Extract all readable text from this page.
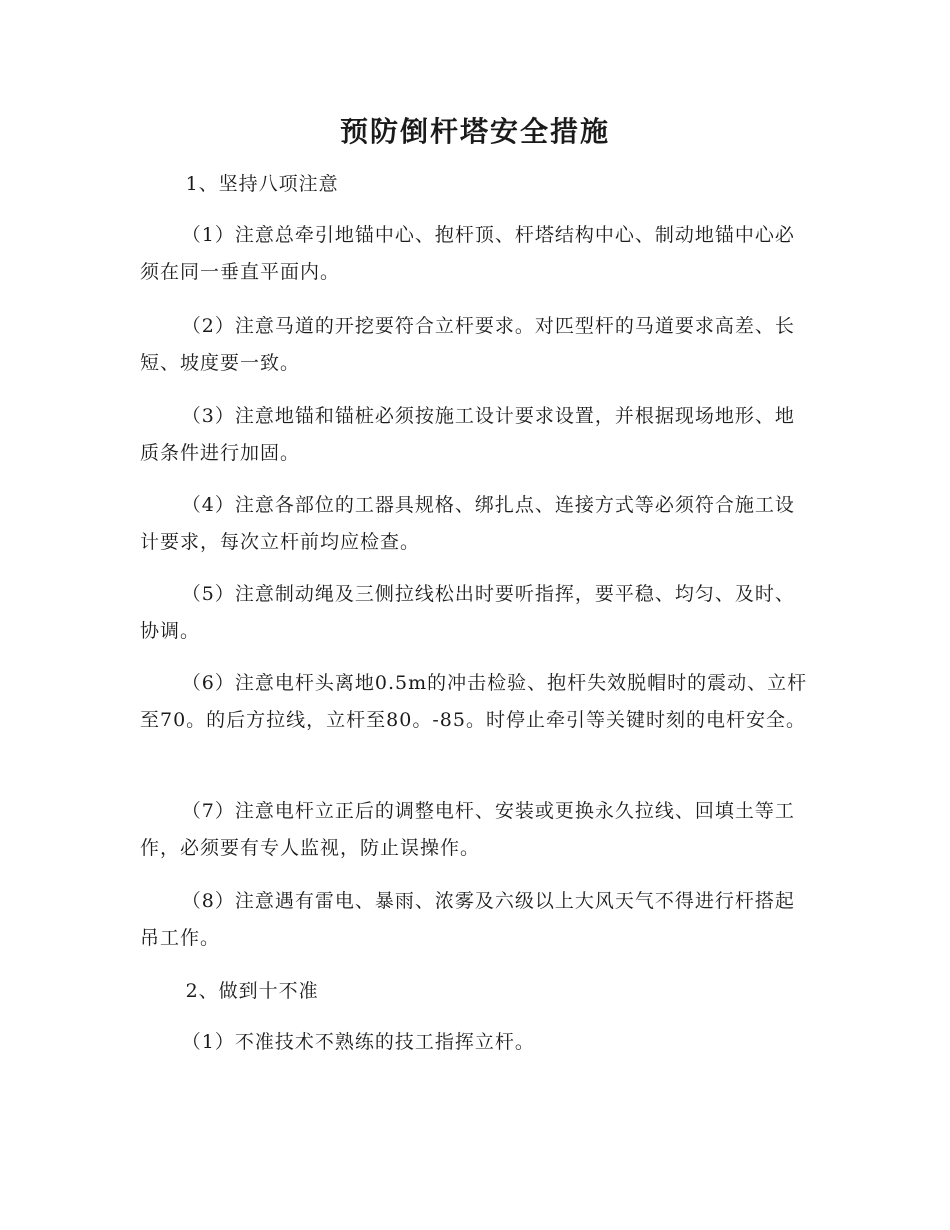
预防倒杆塔安全措施

1、坚持八项注意

（1）注意总牵引地锚中心、抱杆顶、杆塔结构中心、制动地锚中心必须在同一垂直平面内。

（2）注意马道的开挖要符合立杆要求。对匹型杆的马道要求高差、长短、坡度要一致。

（3）注意地锚和锚桩必须按施工设计要求设置，并根据现场地形、地质条件进行加固。

（4）注意各部位的工器具规格、绑扎点、连接方式等必须符合施工设计要求，每次立杆前均应检查。

（5）注意制动绳及三侧拉线松出时要听指挥，要平稳、均匀、及时、协调。

（6）注意电杆头离地0.5m的冲击检验、抱杆失效脱帽时的震动、立杆至70。的后方拉线，立杆至80。-85。时停止牵引等关键时刻的电杆安全。

（7）注意电杆立正后的调整电杆、安装或更换永久拉线、回填土等工作，必须要有专人监视，防止误操作。

（8）注意遇有雷电、暴雨、浓雾及六级以上大风天气不得进行杆搭起吊工作。

2、做到十不准

（1）不准技术不熟练的技工指挥立杆。
